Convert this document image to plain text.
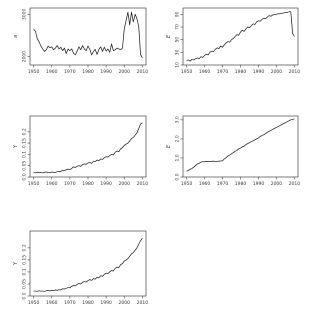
1950 1960 1970 1980 1990 2000 2010
2000
3000
a
1950 1960 1970 1980 1990 2000 2010
10
30
50
70
90
E
1950 1960 1970 1980 1990 2000 2010
0.0
0.05
0.1
0.15
0.2
Y
1950 1960 1970 1980 1990 2000 2010
0.0
1.0
2.0
3.0
E
1950 1960 1970 1980 1990 2000 2010
0.0
0.05
0.1
0.15
0.2
Y
